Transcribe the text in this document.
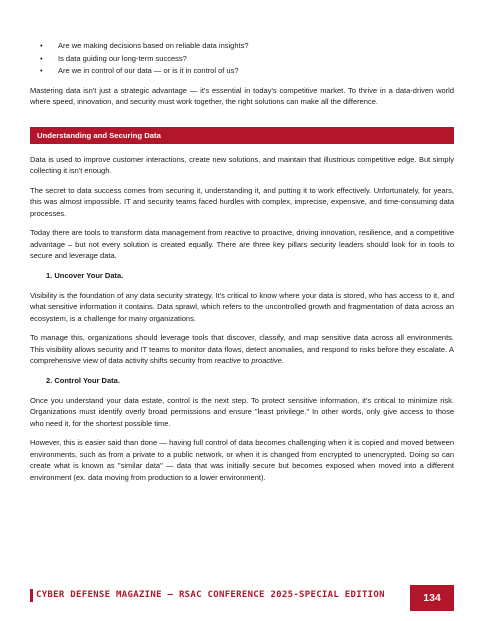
• Are we making decisions based on reliable data insights?
• Is data guiding our long-term success?
• Are we in control of our data — or is it in control of us?

Mastering data isn't just a strategic advantage — it's essential in today's competitive market. To thrive in a data-driven world where speed, innovation, and security must work together, the right solutions can make all the difference.

Understanding and Securing Data

Data is used to improve customer interactions, create new solutions, and maintain that illustrious competitive edge. But simply collecting it isn't enough.

The secret to data success comes from securing it, understanding it, and putting it to work effectively. Unfortunately, for years, this was almost impossible. IT and security teams faced hurdles with complex, imprecise, expensive, and time-consuming data processes.

Today there are tools to transform data management from reactive to proactive, driving innovation, resilience, and a competitive advantage – but not every solution is created equally. There are three key pillars security leaders should look for in tools to secure and leverage data.

1. Uncover Your Data.

Visibility is the foundation of any data security strategy. It's critical to know where your data is stored, who has access to it, and what sensitive information it contains. Data sprawl, which refers to the uncontrolled growth and fragmentation of data across an ecosystem, is a challenge for many organizations.

To manage this, organizations should leverage tools that discover, classify, and map sensitive data across all environments. This visibility allows security and IT teams to monitor data flows, detect anomalies, and respond to risks before they escalate. A comprehensive view of data activity shifts security from reactive to proactive.

2. Control Your Data.

Once you understand your data estate, control is the next step. To protect sensitive information, it's critical to minimize risk. Organizations must identify overly broad permissions and ensure "least privilege." In other words, only give access to those who need it, for the shortest possible time.

However, this is easier said than done — having full control of data becomes challenging when it is copied and moved between environments, such as from a private to a public network, or when it is changed from encrypted to unencrypted. Doing so can create what is known as "similar data" — data that was initially secure but becomes exposed when moved into a different environment (ex. data moving from production to a lower environment).

CYBER DEFENSE MAGAZINE – RSAC CONFERENCE 2025-SPECIAL EDITION	134
